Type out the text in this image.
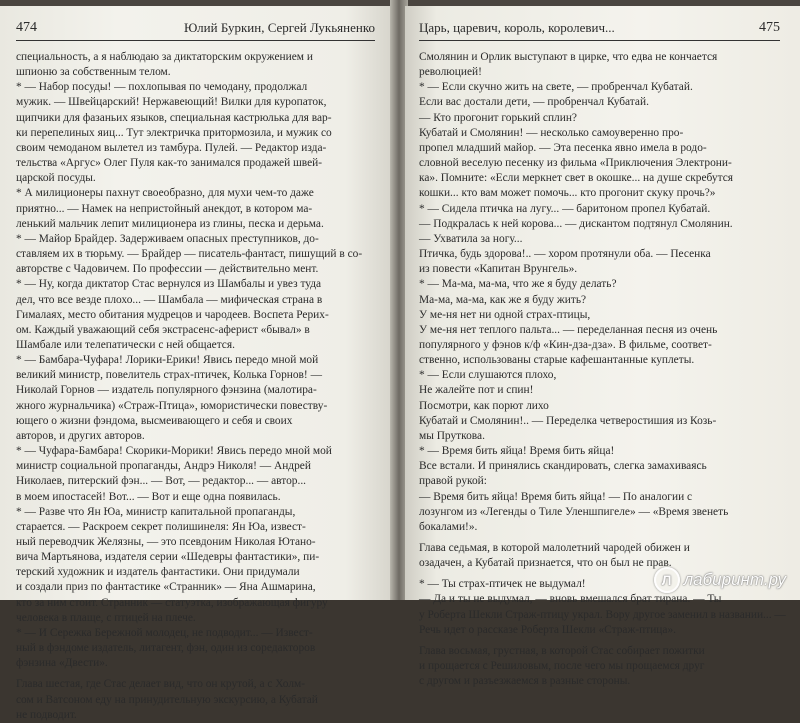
474	Юлий Буркин, Сергей Лукьяненко
специальность, а я наблюдаю за диктаторским окружением и
шпионю за собственным телом.
* — Набор посуды! — похлопывая по чемодану, продолжал
мужик. — Швейцарский! Нержавеющий! Вилки для куропаток,
щипчики для фазаньих языков, специальная кастрюлька для вар-
ки перепелиных яиц... Тут электричка притормозила, и мужик со
своим чемоданом вылетел из тамбура. Пулей. — Редактор изда-
тельства «Аргус» Олег Пуля как-то занимался продажей швей-
царской посуды.
* А милиционеры пахнут своеобразно, для мухи чем-то даже
приятно... — Намек на непристойный анекдот, в котором ма-
ленький мальчик лепит милиционера из глины, песка и дерьма.
* — Майор Брайдер. Задерживаем опасных преступников, до-
ставляем их в тюрьму. — Брайдер — писатель-фантаст, пишущий в со-
авторстве с Чадовичем. По профессии — действительно мент.
* — Ну, когда диктатор Стас вернулся из Шамбалы и увез туда
дел, что все везде плохо... — Шамбала — мифическая страна в
Гималаях, место обитания мудрецов и чародеев. Воспета Рерих-
ом. Каждый уважающий себя экстрасенс-аферист «бывал» в
Шамбале или телепатически с ней общается.
* — Бамбара-Чуфара! Лорики-Ерики! Явись передо мной мой
великий министр, повелитель страх-птичек, Колька Горнов! —
Николай Горнов — издатель популярного фэнзина (малотира-
жного журнальчика) «Страж-Птица», юмористически повеству-
ющего о жизни фэндома, высмеивающего и себя и своих
авторов, и других авторов.
* — Чуфара-Бамбара! Скорики-Морики! Явись передо мной мой
министр социальной пропаганды, Андрэ Николя! — Андрей
Николаев, питерский фэн... — Вот, — редактор... — автор...
в моем ипостасей! Вот... — Вот и еще одна появилась.
* — Разве что Ян Юа, министр капитальной пропаганды,
старается. — Раскроем секрет полишинеля: Ян Юа, извест-
ный переводчик Желязны, — это псевдоним Николая Ютано-
вича Мартьянова, издателя серии «Шедевры фантастики», пи-
терский художник и издатель фантастики. Они придумали
и создали приз по фантастике «Странник» — Яна Ашмарина,
кто за ним стоит. Странник — статуэтка, изображающая фигуру
человека в плаще, с птицей на плече.
* — И Сережка Бережной молодец, не подводит... — Извест-
ный в фэндоме издатель, литагент, фэн, один из соредакторов
фэнзина «Двести».
Глава шестая, где Стас делает вид, что он крутой, а с Холм-
сом и Ватсоном еду на принудительную экскурсию, а Кубатай
не подводит.
Царь, царевич, король, королевич...	475
Смолянин и Орлик выступают в цирке, что едва не кончается
революцией!
* — Если скучно жить на свете, — пробренчал Кубатай.
Если вас достали дети, — пробренчал Кубатай.
— Кто прогонит горький сплин?
Кубатай и Смолянин! — несколько самоуверенно про-
пропел младший майор. — Эта песенка явно имела в родо-
словной веселую песенку из фильма «Приключения Электрони-
ка». Помните: «Если меркнет свет в окошке... на душе скребутся
кошки... кто вам может помочь... кто прогонит скуку прочь?»
* — Сидела птичка на лугу... — баритоном пропел Кубатай.
— Подкралась к ней корова... — дискантом подтянул Смолянин.
— Ухватила за ногу...
Птичка, будь здорова!.. — хором протянули оба. — Песенка
из повести «Капитан Врунгель».
* — Ма-ма, ма-ма, что же я буду делать?
Ма-ма, ма-ма, как же я буду жить?
У ме-ня нет ни одной страх-птицы,
У ме-ня нет теплого пальта... — переделанная песня из очень
популярного у фэнов к/ф «Кин-дза-дза». В фильме, соответ-
ственно, использованы старые кафешантанные куплеты.
* — Если слушаются плохо,
Не жалейте пот и спин!
Посмотри, как порют лихо
Кубатай и Смолянин!.. — Переделка четверостишия из Козь-
мы Пруткова.
* — Время бить яйца! Время бить яйца!
Все встали. И принялись скандировать, слегка замахиваясь
правой рукой:
— Время бить яйца! Время бить яйца! — По аналогии с
лозунгом из «Легенды о Тиле Уленшпигеле» — «Время звенеть
бокалами!».
Глава седьмая, в которой малолетний чародей обижен и
озадачен, а Кубатай признается, что он был не прав.
* — Ты страх-птичек не выдумал!
— Да и ты не выдумал, — вновь вмешался брат тирана. — Ты
у Роберта Шекли Страж-птицу украл. Вору другое заменил в названии... —
Речь идет о рассказе Роберта Шекли «Страж-птица».
Глава восьмая, грустная, в которой Стас собирает пожитки
и прощается с Решиловым, после чего мы прощаемся друг
с другом и разъезжаемся в разные стороны.
Л лабиринт.ру
